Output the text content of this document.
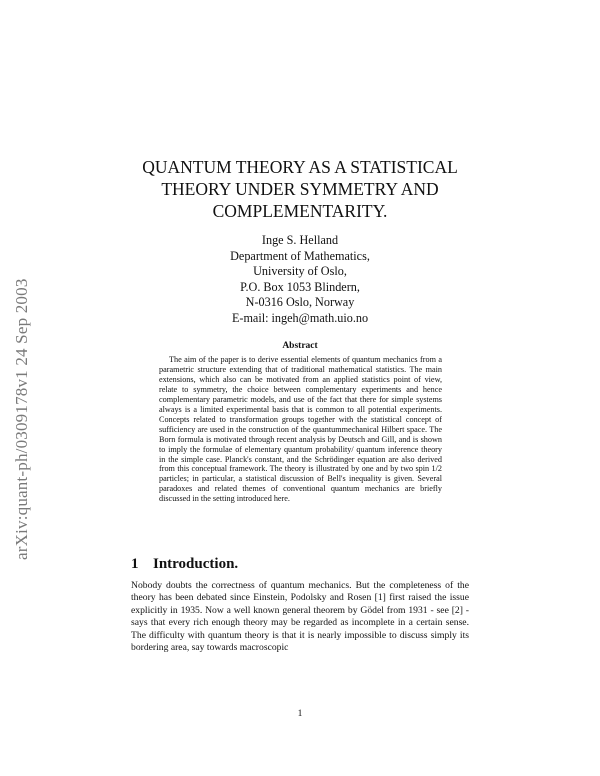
arXiv:quant-ph/0309178v1 24 Sep 2003
QUANTUM THEORY AS A STATISTICAL THEORY UNDER SYMMETRY AND COMPLEMENTARITY.
Inge S. Helland
Department of Mathematics,
University of Oslo,
P.O. Box 1053 Blindern,
N-0316 Oslo, Norway
E-mail: ingeh@math.uio.no
Abstract

The aim of the paper is to derive essential elements of quantum mechanics from a parametric structure extending that of traditional mathematical statistics. The main extensions, which also can be motivated from an applied statistics point of view, relate to symmetry, the choice between complementary experiments and hence complementary parametric models, and use of the fact that there for simple systems always is a limited experimental basis that is common to all potential experiments. Concepts related to transformation groups together with the statistical concept of sufficiency are used in the construction of the quantummechanical Hilbert space. The Born formula is motivated through recent analysis by Deutsch and Gill, and is shown to imply the formulae of elementary quantum probability/ quantum inference theory in the simple case. Planck's constant, and the Schrödinger equation are also derived from this conceptual framework. The theory is illustrated by one and by two spin 1/2 particles; in particular, a statistical discussion of Bell's inequality is given. Several paradoxes and related themes of conventional quantum mechanics are briefly discussed in the setting introduced here.

1 Introduction.

Nobody doubts the correctness of quantum mechanics. But the completeness of the theory has been debated since Einstein, Podolsky and Rosen [1] first raised the issue explicitly in 1935. Now a well known general theorem by Gödel from 1931 - see [2] - says that every rich enough theory may be regarded as incomplete in a certain sense. The difficulty with quantum theory is that it is nearly impossible to discuss simply its bordering area, say towards macroscopic

1
